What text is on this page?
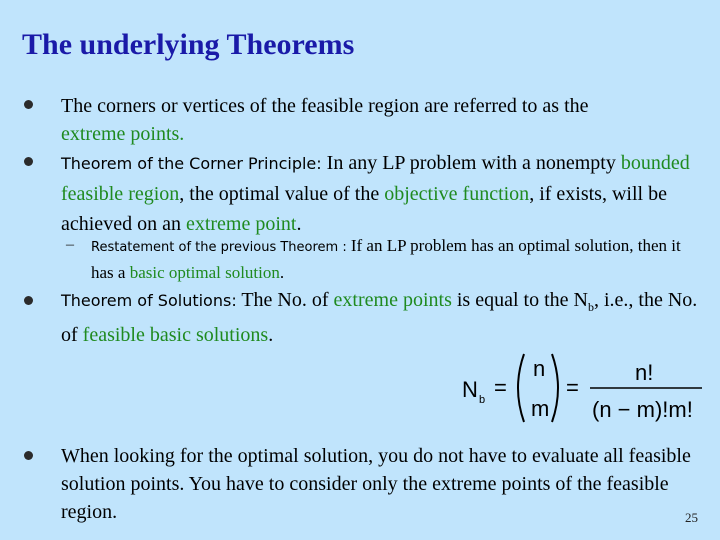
The underlying Theorems

The corners or vertices of the feasible region are referred to as the
extreme points.

Theorem of the Corner Principle: In any LP problem with a nonempty bounded feasible region, the optimal value of the objective function, if exists, will be achieved on an extreme point.

– Restatement of the previous Theorem : If an LP problem has an optimal solution, then it has a basic optimal solution.

Theorem of Solutions: The No. of extreme points is equal to the $N_b$, i.e., the No. of feasible basic solutions.

N b =
n
m
=
n!
(n − m)!m!

When looking for the optimal solution, you do not have to evaluate all feasible solution points. You have to consider only the extreme points of the feasible region.	25
